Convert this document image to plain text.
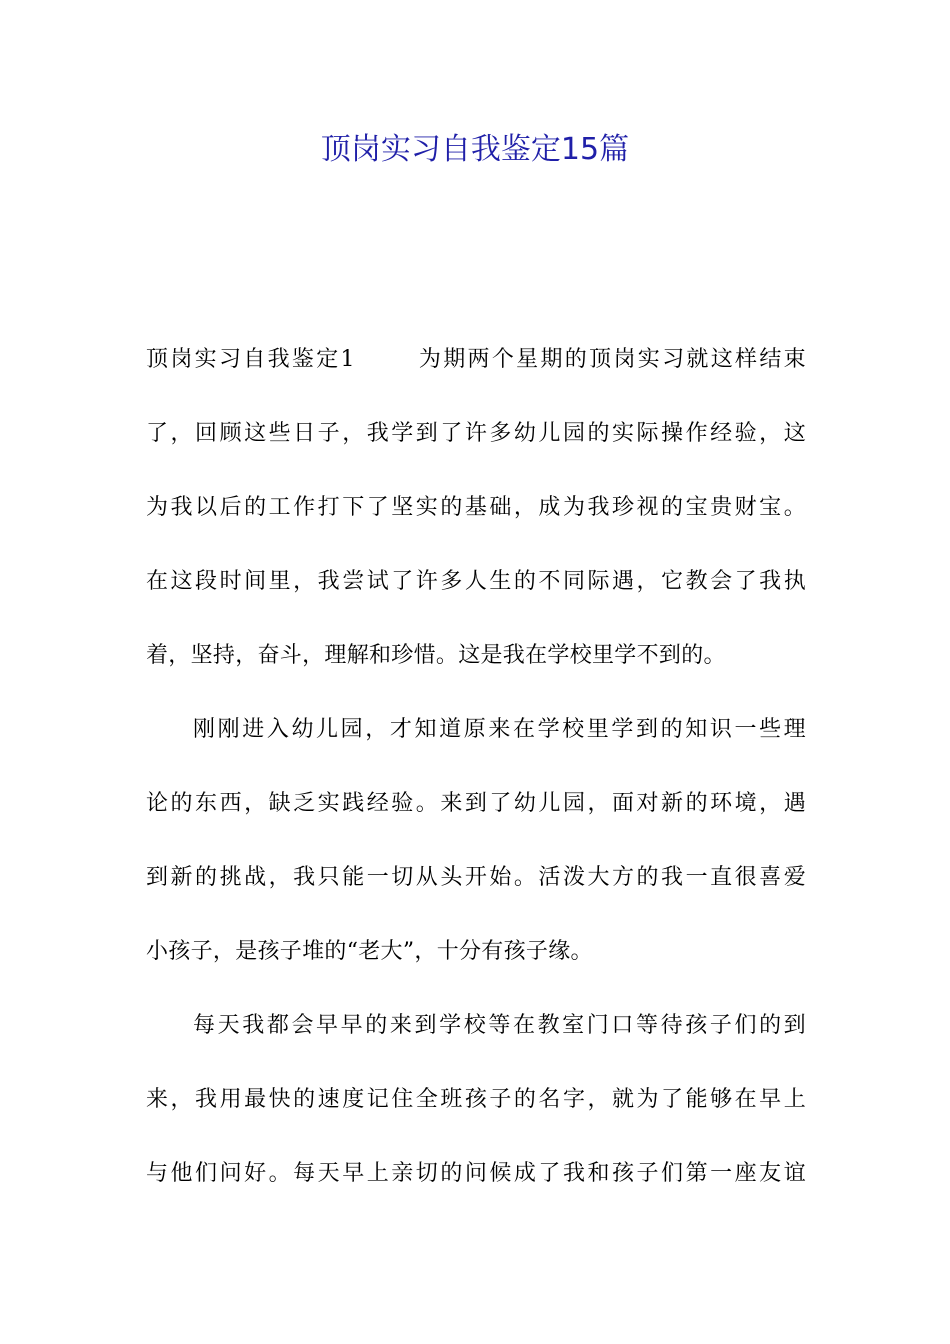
顶岗实习自我鉴定15篇
顶岗实习自我鉴定1	为期两个星期的顶岗实习就这样结束
了，回顾这些日子，我学到了许多幼儿园的实际操作经验，这
为我以后的工作打下了坚实的基础，成为我珍视的宝贵财宝。
在这段时间里，我尝试了许多人生的不同际遇，它教会了我执
着，坚持，奋斗，理解和珍惜。这是我在学校里学不到的。
刚刚进入幼儿园，才知道原来在学校里学到的知识一些理
论的东西，缺乏实践经验。来到了幼儿园，面对新的环境，遇
到新的挑战，我只能一切从头开始。活泼大方的我一直很喜爱
小孩子，是孩子堆的“老大”，十分有孩子缘。
每天我都会早早的来到学校等在教室门口等待孩子们的到
来，我用最快的速度记住全班孩子的名字，就为了能够在早上
与他们问好。每天早上亲切的问候成了我和孩子们第一座友谊
